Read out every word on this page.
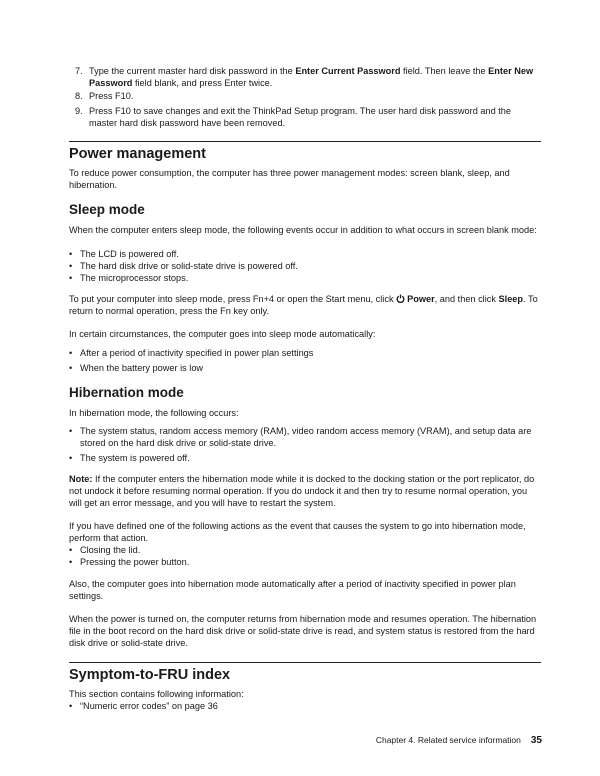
7. Type the current master hard disk password in the Enter Current Password field. Then leave the Enter New Password field blank, and press Enter twice.
8. Press F10.
9. Press F10 to save changes and exit the ThinkPad Setup program. The user hard disk password and the master hard disk password have been removed.
Power management
To reduce power consumption, the computer has three power management modes: screen blank, sleep, and hibernation.
Sleep mode
When the computer enters sleep mode, the following events occur in addition to what occurs in screen blank mode:
• The LCD is powered off.
• The hard disk drive or solid-state drive is powered off.
• The microprocessor stops.
To put your computer into sleep mode, press Fn+4 or open the Start menu, click Power, and then click Sleep. To return to normal operation, press the Fn key only.
In certain circumstances, the computer goes into sleep mode automatically:
• After a period of inactivity specified in power plan settings
• When the battery power is low
Hibernation mode
In hibernation mode, the following occurs:
• The system status, random access memory (RAM), video random access memory (VRAM), and setup data are stored on the hard disk drive or solid-state drive.
• The system is powered off.
Note: If the computer enters the hibernation mode while it is docked to the docking station or the port replicator, do not undock it before resuming normal operation. If you do undock it and then try to resume normal operation, you will get an error message, and you will have to restart the system.
If you have defined one of the following actions as the event that causes the system to go into hibernation mode, perform that action.
• Closing the lid.
• Pressing the power button.
Also, the computer goes into hibernation mode automatically after a period of inactivity specified in power plan settings.
When the power is turned on, the computer returns from hibernation mode and resumes operation. The hibernation file in the boot record on the hard disk drive or solid-state drive is read, and system status is restored from the hard disk drive or solid-state drive.
Symptom-to-FRU index
This section contains following information:
• “Numeric error codes” on page 36
Chapter 4. Related service information 35
